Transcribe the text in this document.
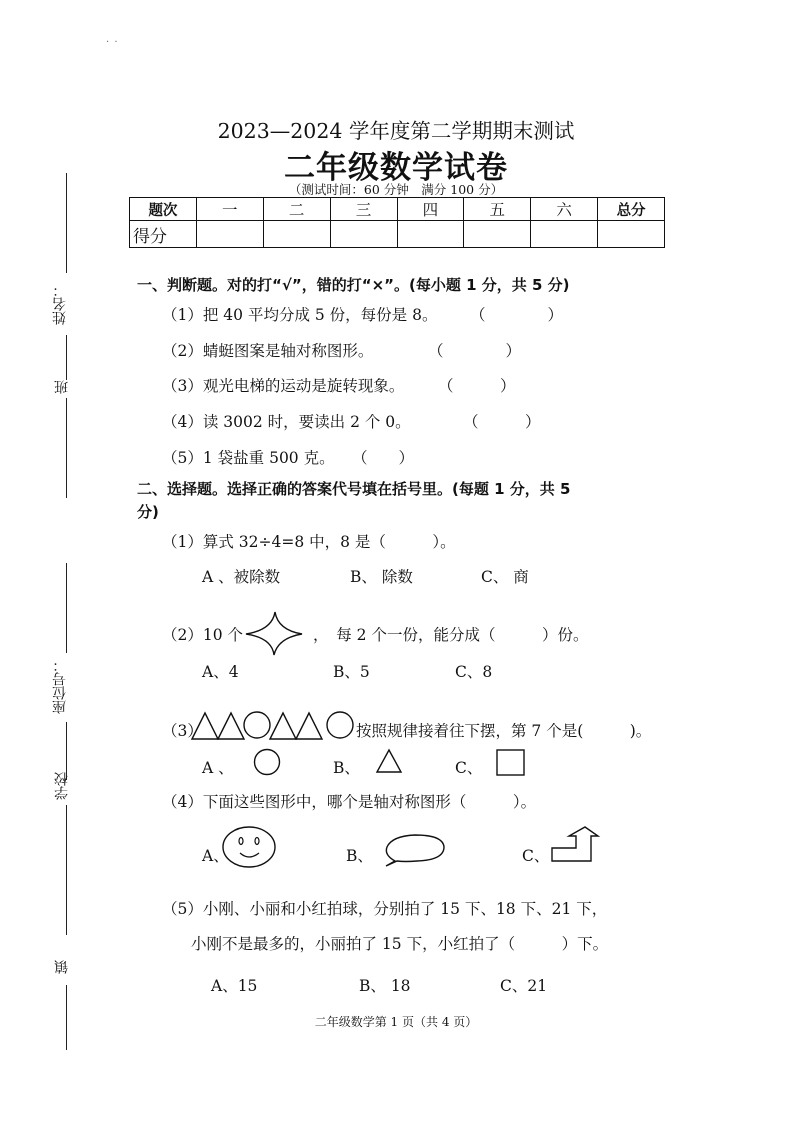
. .
姓名：
班
座位号：
学校
镇
2023—2024 学年度第二学期期末测试
二年级数学试卷
（测试时间：60 分钟　满分 100 分）
题次	一	二	三	四	五	六	总分
得分							
一、判断题。对的打“√”，错的打“×”。(每小题 1 分，共 5 分)
（1）把 40 平均分成 5 份，每份是 8。 （　　　　）
（2）蜻蜓图案是轴对称图形。	（　　　　）
（3）观光电梯的运动是旋转现象。 （　　　）
（4）读 3002 时，要读出 2 个 0。	（　　　）
（5）1 袋盐重 500 克。 （　　）
二、选择题。选择正确的答案代号填在括号里。(每题 1 分，共 5
分)
（1）算式 32÷4=8 中，8 是（　　　）。
A 、被除数	B、 除数	C、 商
（2）10 个	，　每 2 个一份，能分成（　　　）份。
A、4	B、5	C、8
（3）	按照规律接着往下摆，第 7 个是(　　　)。
A 、	B、	C、
（4）下面这些图形中，哪个是轴对称图形（　　　）。
A、	B、	C、
（5）小刚、小丽和小红拍球，分别拍了 15 下、18 下、21 下，
小刚不是最多的，小丽拍了 15 下，小红拍了（　　　）下。
A、15	B、 18	C、21
二年级数学第 1 页（共 4 页）
